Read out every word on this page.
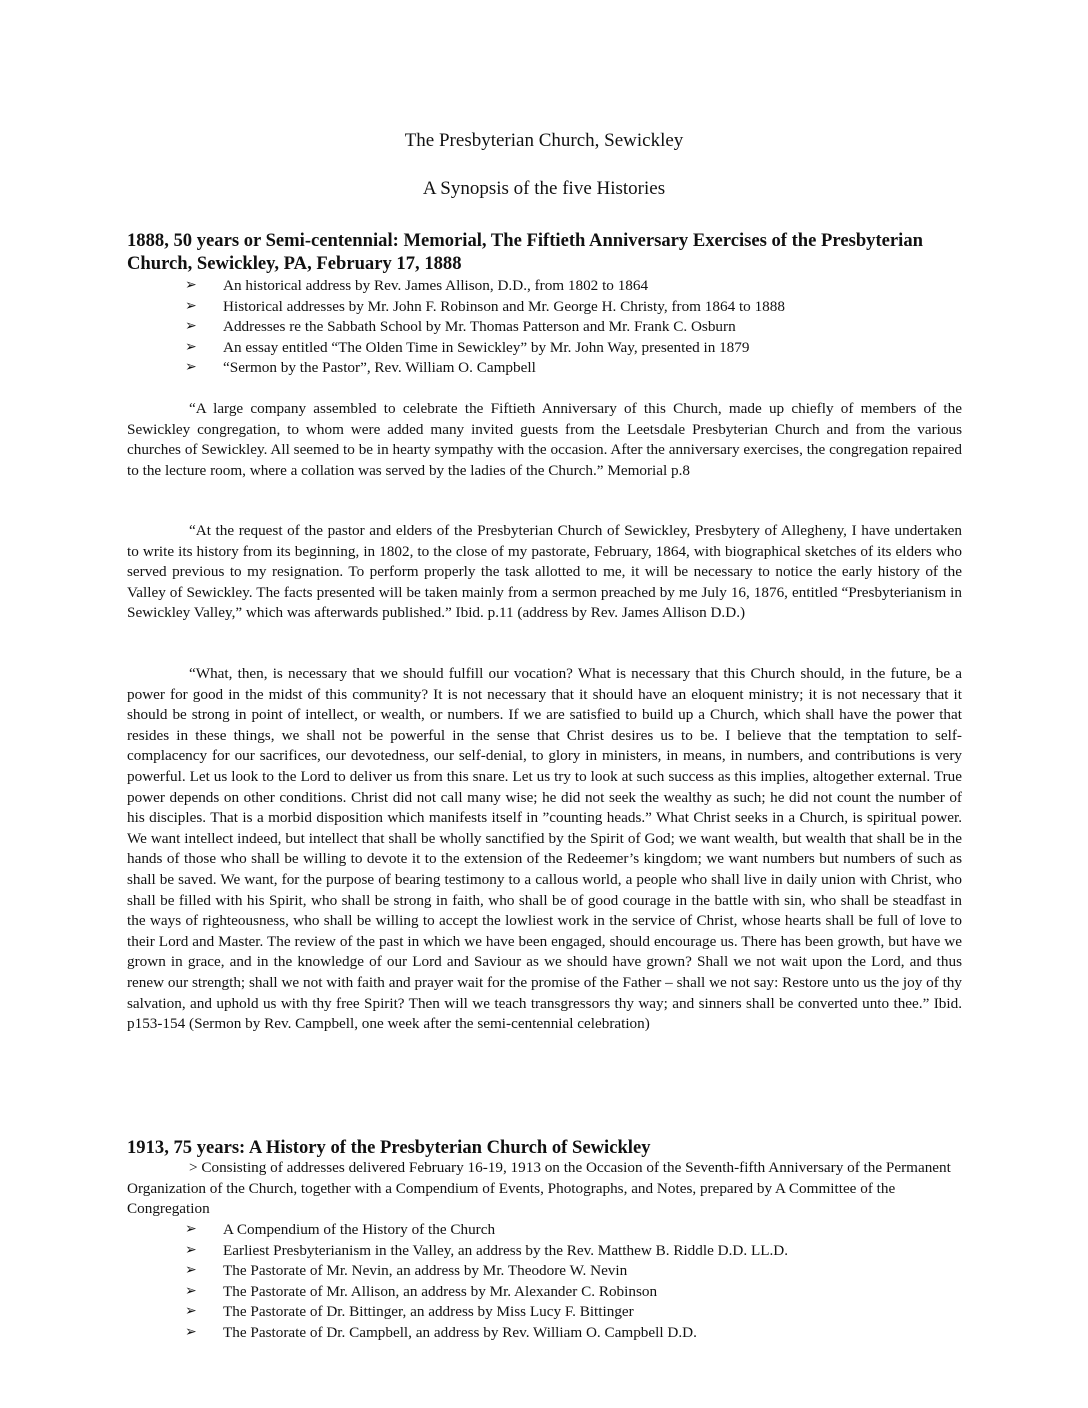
The Presbyterian Church, Sewickley
A Synopsis of the five Histories
1888, 50 years or Semi-centennial: Memorial, The Fiftieth Anniversary Exercises of the Presbyterian Church, Sewickley, PA, February 17, 1888
➢ An historical address by Rev. James Allison, D.D., from 1802 to 1864
➢ Historical addresses by Mr. John F. Robinson and Mr. George H. Christy, from 1864 to 1888
➢ Addresses re the Sabbath School by Mr. Thomas Patterson and Mr. Frank C. Osburn
➢ An essay entitled “The Olden Time in Sewickley” by Mr. John Way, presented in 1879
➢ “Sermon by the Pastor”, Rev. William O. Campbell

“A large company assembled to celebrate the Fiftieth Anniversary of this Church, made up chiefly of members of the Sewickley congregation, to whom were added many invited guests from the Leetsdale Presbyterian Church and from the various churches of Sewickley. All seemed to be in hearty sympathy with the occasion. After the anniversary exercises, the congregation repaired to the lecture room, where a collation was served by the ladies of the Church.” Memorial p.8

“At the request of the pastor and elders of the Presbyterian Church of Sewickley, Presbytery of Allegheny, I have undertaken to write its history from its beginning, in 1802, to the close of my pastorate, February, 1864, with biographical sketches of its elders who served previous to my resignation. To perform properly the task allotted to me, it will be necessary to notice the early history of the Valley of Sewickley. The facts presented will be taken mainly from a sermon preached by me July 16, 1876, entitled “Presbyterianism in Sewickley Valley,” which was afterwards published.” Ibid. p.11 (address by Rev. James Allison D.D.)

“What, then, is necessary that we should fulfill our vocation? What is necessary that this Church should, in the future, be a power for good in the midst of this community? It is not necessary that it should have an eloquent ministry; it is not necessary that it should be strong in point of intellect, or wealth, or numbers. If we are satisfied to build up a Church, which shall have the power that resides in these things, we shall not be powerful in the sense that Christ desires us to be. I believe that the temptation to self-complacency for our sacrifices, our devotedness, our self-denial, to glory in ministers, in means, in numbers, and contributions is very powerful. Let us look to the Lord to deliver us from this snare. Let us try to look at such success as this implies, altogether external. True power depends on other conditions. Christ did not call many wise; he did not seek the wealthy as such; he did not count the number of his disciples. That is a morbid disposition which manifests itself in ”counting heads.” What Christ seeks in a Church, is spiritual power. We want intellect indeed, but intellect that shall be wholly sanctified by the Spirit of God; we want wealth, but wealth that shall be in the hands of those who shall be willing to devote it to the extension of the Redeemer’s kingdom; we want numbers but numbers of such as shall be saved. We want, for the purpose of bearing testimony to a callous world, a people who shall live in daily union with Christ, who shall be filled with his Spirit, who shall be strong in faith, who shall be of good courage in the battle with sin, who shall be steadfast in the ways of righteousness, who shall be willing to accept the lowliest work in the service of Christ, whose hearts shall be full of love to their Lord and Master. The review of the past in which we have been engaged, should encourage us. There has been growth, but have we grown in grace, and in the knowledge of our Lord and Saviour as we should have grown? Shall we not wait upon the Lord, and thus renew our strength; shall we not with faith and prayer wait for the promise of the Father – shall we not say: Restore unto us the joy of thy salvation, and uphold us with thy free Spirit? Then will we teach transgressors thy way; and sinners shall be converted unto thee.” Ibid. p153-154 (Sermon by Rev. Campbell, one week after the semi-centennial celebration)

1913, 75 years: A History of the Presbyterian Church of Sewickley

> Consisting of addresses delivered February 16-19, 1913 on the Occasion of the Seventh-fifth Anniversary of the Permanent Organization of the Church, together with a Compendium of Events, Photographs, and Notes, prepared by A Committee of the Congregation

➢ A Compendium of the History of the Church
➢ Earliest Presbyterianism in the Valley, an address by the Rev. Matthew B. Riddle D.D. LL.D.
➢ The Pastorate of Mr. Nevin, an address by Mr. Theodore W. Nevin
➢ The Pastorate of Mr. Allison, an address by Mr. Alexander C. Robinson
➢ The Pastorate of Dr. Bittinger, an address by Miss Lucy F. Bittinger
➢ The Pastorate of Dr. Campbell, an address by Rev. William O. Campbell D.D.
